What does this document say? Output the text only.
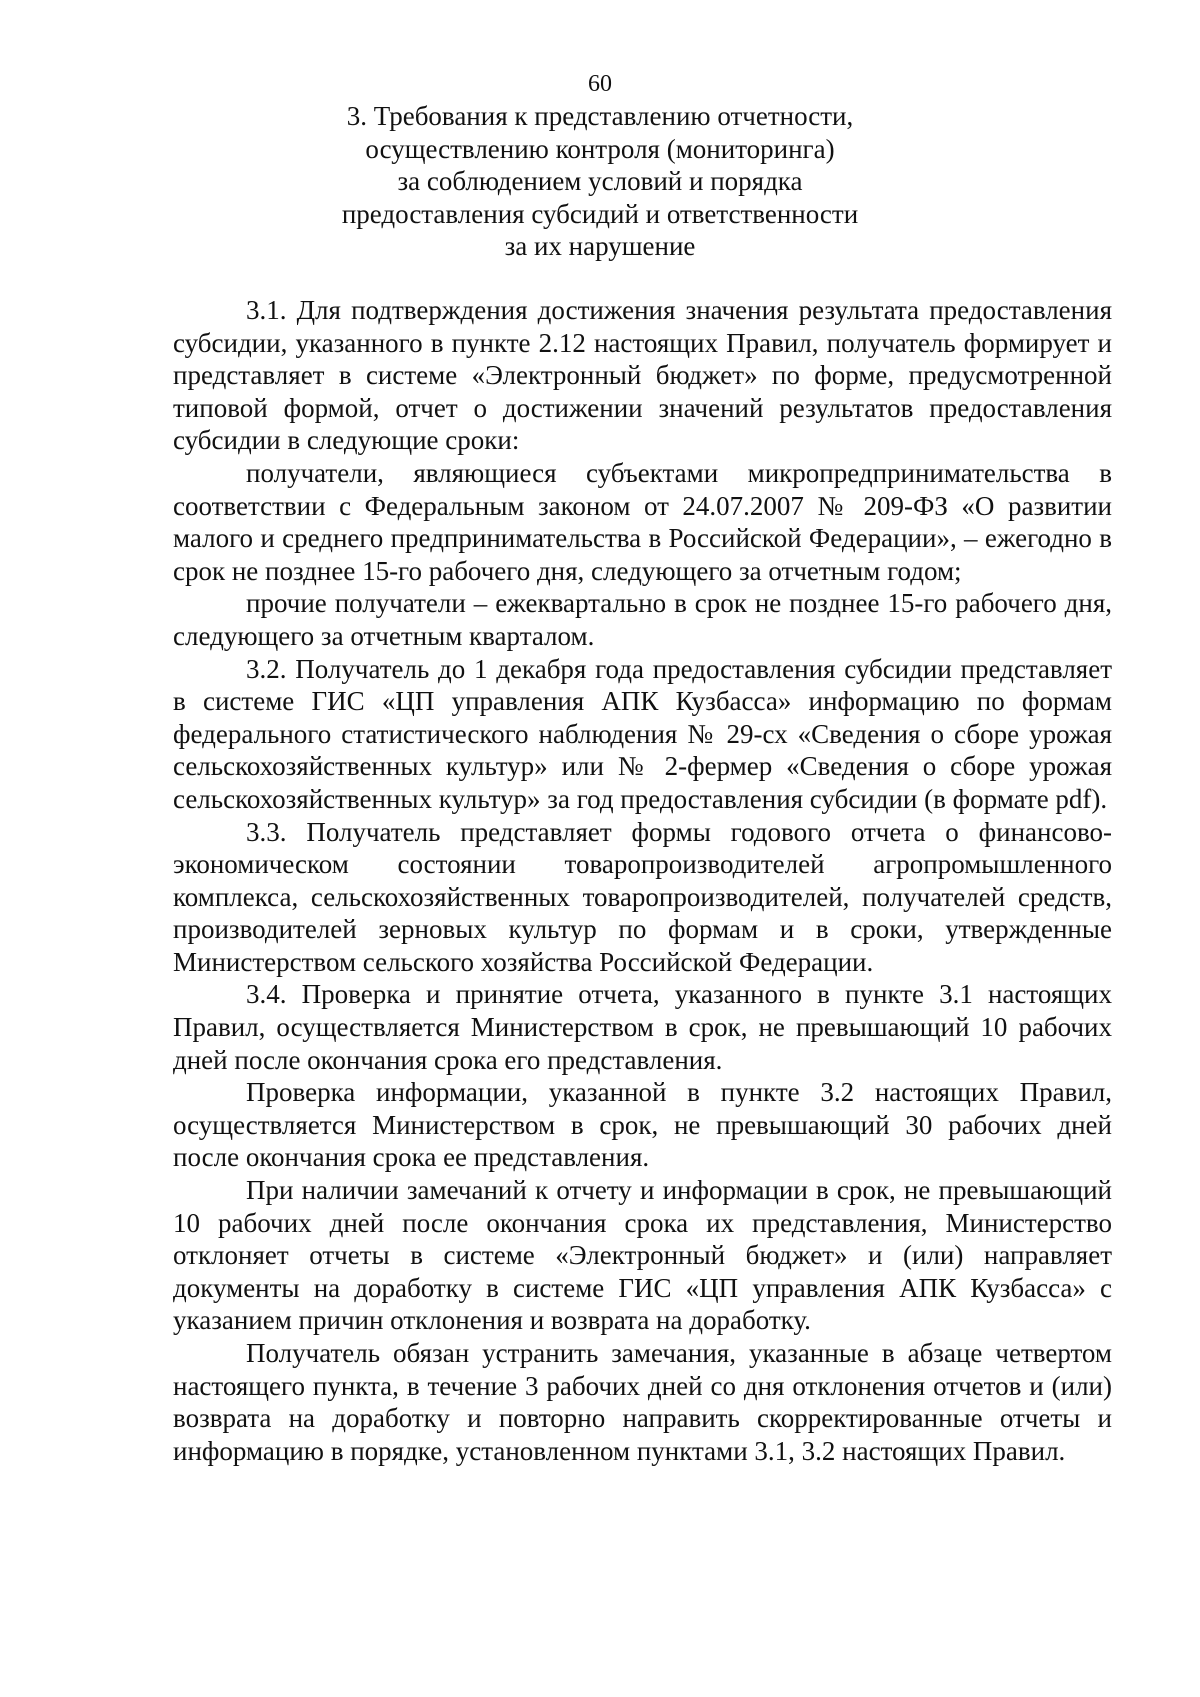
60
3. Требования к представлению отчетности,
осуществлению контроля (мониторинга)
за соблюдением условий и порядка
предоставления субсидий и ответственности
за их нарушение

3.1. Для подтверждения достижения значения результата предоставления субсидии, указанного в пункте 2.12 настоящих Правил, получатель формирует и представляет в системе «Электронный бюджет» по форме, предусмотренной типовой формой, отчет о достижении значений результатов предоставления субсидии в следующие сроки:

получатели, являющиеся субъектами микропредпринимательства в соответствии с Федеральным законом от 24.07.2007 № 209-ФЗ «О развитии малого и среднего предпринимательства в Российской Федерации», – ежегодно в срок не позднее 15-го рабочего дня, следующего за отчетным годом;

прочие получатели – ежеквартально в срок не позднее 15-го рабочего дня, следующего за отчетным кварталом.

3.2. Получатель до 1 декабря года предоставления субсидии представляет в системе ГИС «ЦП управления АПК Кузбасса» информацию по формам федерального статистического наблюдения № 29-сх «Сведения о сборе урожая сельскохозяйственных культур» или № 2-фермер «Сведения о сборе урожая сельскохозяйственных культур» за год предоставления субсидии (в формате pdf).

3.3. Получатель представляет формы годового отчета о финансово-экономическом состоянии товаропроизводителей агропромышленного комплекса, сельскохозяйственных товаропроизводителей, получателей средств, производителей зерновых культур по формам и в сроки, утвержденные Министерством сельского хозяйства Российской Федерации.

3.4. Проверка и принятие отчета, указанного в пункте 3.1 настоящих Правил, осуществляется Министерством в срок, не превышающий 10 рабочих дней после окончания срока его представления.

Проверка информации, указанной в пункте 3.2 настоящих Правил, осуществляется Министерством в срок, не превышающий 30 рабочих дней после окончания срока ее представления.

При наличии замечаний к отчету и информации в срок, не превышающий 10 рабочих дней после окончания срока их представления, Министерство отклоняет отчеты в системе «Электронный бюджет» и (или) направляет документы на доработку в системе ГИС «ЦП управления АПК Кузбасса» с указанием причин отклонения и возврата на доработку.

Получатель обязан устранить замечания, указанные в абзаце четвертом настоящего пункта, в течение 3 рабочих дней со дня отклонения отчетов и (или) возврата на доработку и повторно направить скорректированные отчеты и информацию в порядке, установленном пунктами 3.1, 3.2 настоящих Правил.
